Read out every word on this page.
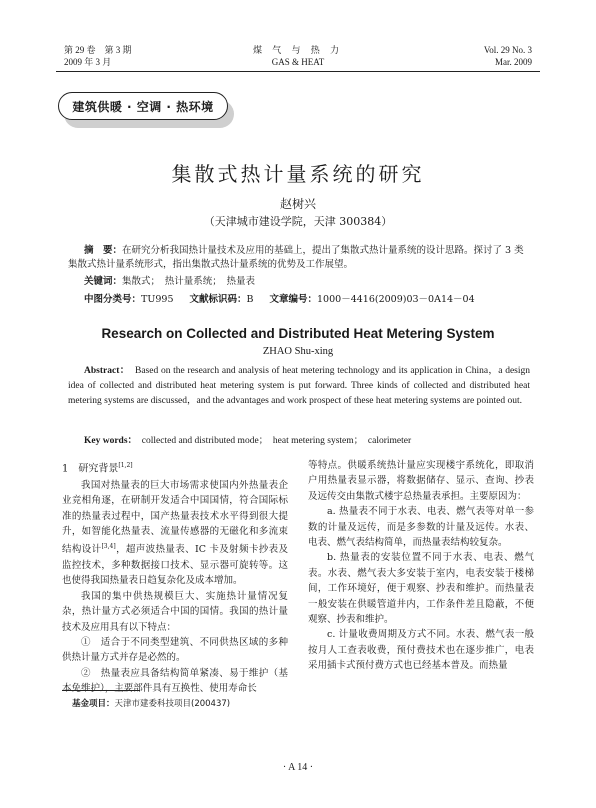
第 29 卷　第 3 期
2009 年 3 月
煤 气 与 热 力
GAS & HEAT
Vol. 29 No. 3
Mar. 2009
建筑供暖 · 空调 · 热环境
集散式热计量系统的研究
赵树兴
（天津城市建设学院，天津 300384）
摘　要：在研究分析我国热计量技术及应用的基础上，提出了集散式热计量系统的设计思路。探讨了 3 类集散式热计量系统形式，指出集散式热计量系统的优势及工作展望。
关键词：集散式；　热计量系统；　热量表
中图分类号：TU995 文献标识码：B 文章编号：1000－4416(2009)03－0A14－04
Research on Collected and Distributed Heat Metering System
ZHAO Shu-xing
Abstract： Based on the research and analysis of heat metering technology and its application in China，a design idea of collected and distributed heat metering system is put forward. Three kinds of collected and distributed heat metering systems are discussed，and the advantages and work prospect of these heat metering systems are pointed out.
Key words： collected and distributed mode；　heat metering system；　calorimeter
1　研究背景[1,2]

我国对热量表的巨大市场需求使国内外热量表企业竞相角逐，在研制开发适合中国国情，符合国际标准的热量表过程中，国产热量表技术水平得到很大提升，如智能化热量表、流量传感器的无磁化和多流束结构设计[3,4]，超声波热量表、IC 卡及射频卡抄表及监控技术，多种数据接口技术、显示器可旋转等。这也使得我国热量表日趋复杂化及成本增加。

我国的集中供热规模巨大、实施热计量情况复杂，热计量方式必须适合中国的国情。我国的热计量技术及应用具有以下特点：

①　适合于不同类型建筑、不同供热区域的多种供热计量方式并存是必然的。

②　热量表应具备结构简单紧凑、易于维护（基本免维护），主要部件具有互换性、使用寿命长

等特点。供暖系统热计量应实现楼宇系统化，即取消户用热量表显示器，将数据储存、显示、查询、抄表及远传交由集散式楼宇总热量表承担。主要原因为：

a. 热量表不同于水表、电表、燃气表等对单一参数的计量及远传，而是多参数的计量及远传。水表、电表、燃气表结构简单，而热量表结构较复杂。

b. 热量表的安装位置不同于水表、电表、燃气表。水表、燃气表大多安装于室内，电表安装于楼梯间，工作环境好，便于观察、抄表和维护。而热量表一般安装在供暖管道井内，工作条件差且隐蔽，不便观察、抄表和维护。

c. 计量收费周期及方式不同。水表、燃气表一般按月人工查表收费，预付费技术也在逐步推广，电表采用插卡式预付费方式也已经基本普及。而热量

基金项目：天津市建委科技项目(200437)
· A 14 ·
